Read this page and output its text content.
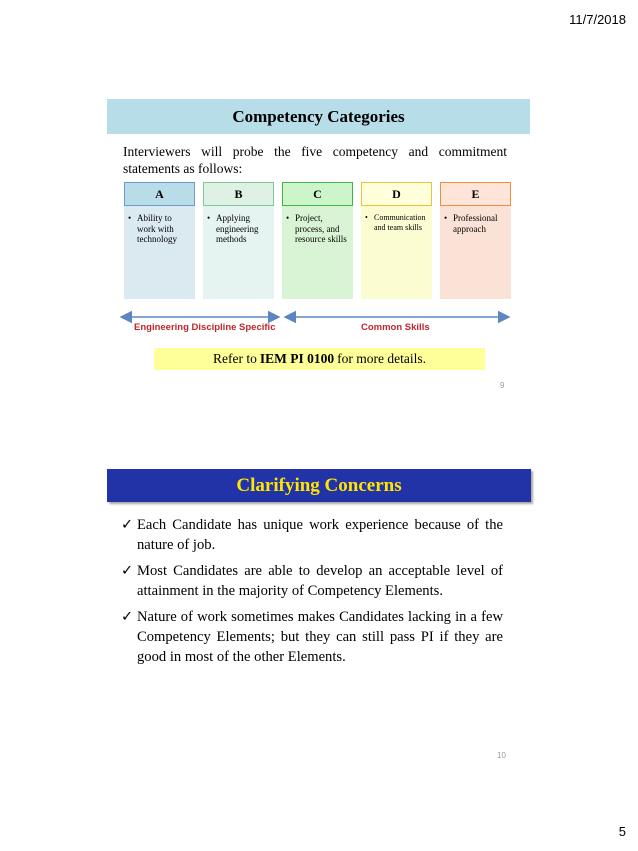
11/7/2018
Competency Categories
Interviewers will probe the five competency and commitment statements as follows:
A
• Ability to work with technology
B
• Applying engineering methods
C
• Project, process, and resource skills
D
• Communication and team skills
E
• Professional approach
Engineering Discipline Specific	Common Skills
Refer to IEM PI 0100 for more details.
9
Clarifying Concerns
✓ Each Candidate has unique work experience because of the nature of job.
✓ Most Candidates are able to develop an acceptable level of attainment in the majority of Competency Elements.
✓ Nature of work sometimes makes Candidates lacking in a few Competency Elements; but they can still pass PI if they are good in most of the other Elements.
10
5
